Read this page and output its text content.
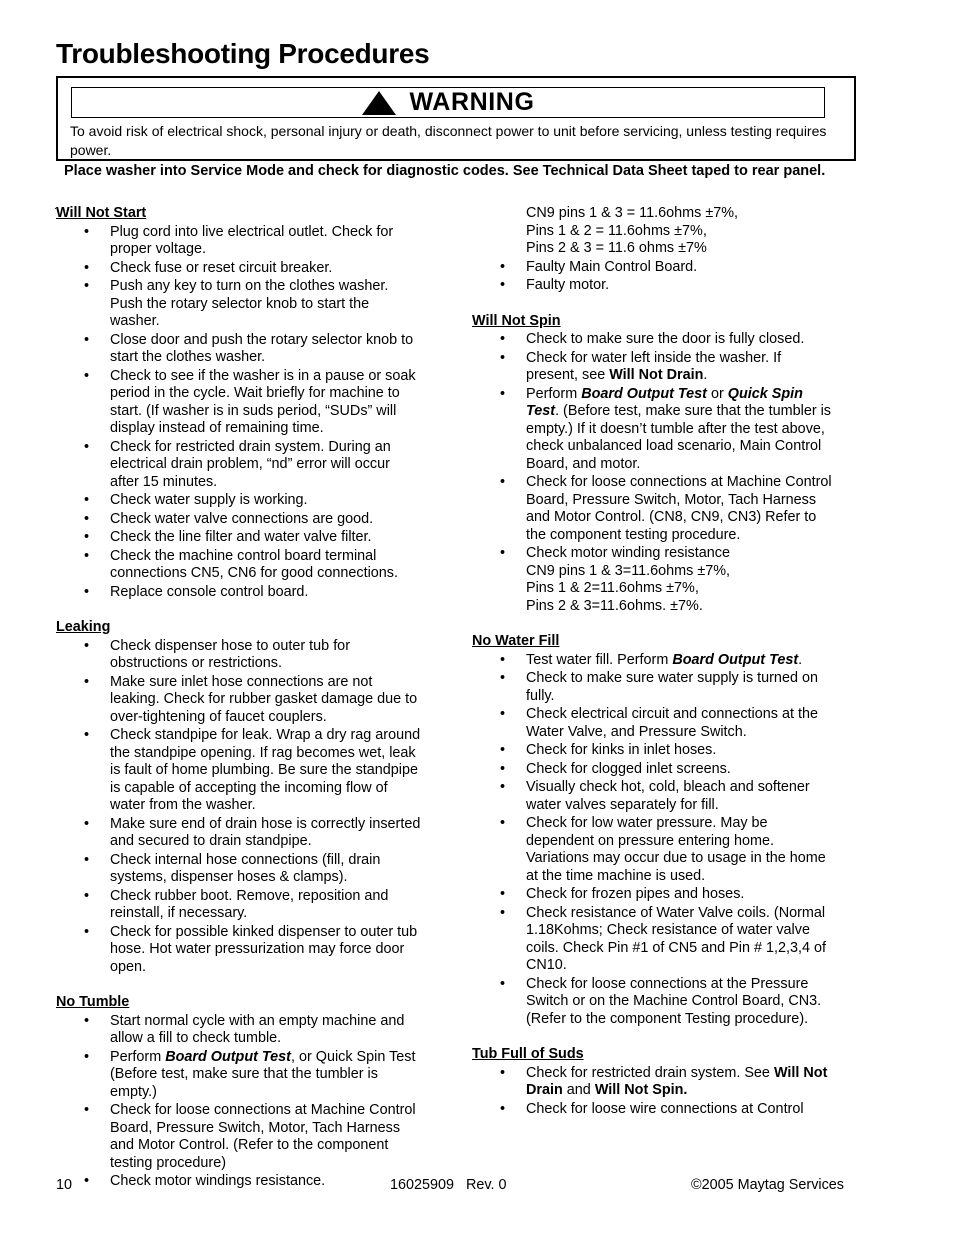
Troubleshooting Procedures
WARNING
To avoid risk of electrical shock, personal injury or death, disconnect power to unit before servicing, unless testing requires power.
Place washer into Service Mode and check for diagnostic codes. See Technical Data Sheet taped to rear panel.
. Will Not Start
• Plug cord into live electrical outlet. Check for proper voltage.
• Check fuse or reset circuit breaker.
• Push any key to turn on the clothes washer. Push the rotary selector knob to start the washer.
• Close door and push the rotary selector knob to start the clothes washer.
• Check to see if the washer is in a pause or soak period in the cycle. Wait briefly for machine to start. (If washer is in suds period, “SUDs” will display instead of remaining time.
• Check for restricted drain system. During an electrical drain problem, “nd” error will occur after 15 minutes.
• Check water supply is working.
• Check water valve connections are good.
• Check the line filter and water valve filter.
• Check the machine control board terminal connections CN5, CN6 for good connections.
• Replace console control board.
Leaking
• Check dispenser hose to outer tub for obstructions or restrictions.
• Make sure inlet hose connections are not leaking. Check for rubber gasket damage due to over-tightening of faucet couplers.
• Check standpipe for leak. Wrap a dry rag around the standpipe opening. If rag becomes wet, leak is fault of home plumbing. Be sure the standpipe is capable of accepting the incoming flow of water from the washer.
• Make sure end of drain hose is correctly inserted and secured to drain standpipe.
• Check internal hose connections (fill, drain systems, dispenser hoses & clamps).
• Check rubber boot. Remove, reposition and reinstall, if necessary.
• Check for possible kinked dispenser to outer tub hose. Hot water pressurization may force door open.
No Tumble
• Start normal cycle with an empty machine and allow a fill to check tumble.
• Perform Board Output Test, or Quick Spin Test (Before test, make sure that the tumbler is empty.)
• Check for loose connections at Machine Control Board, Pressure Switch, Motor, Tach Harness and Motor Control. (Refer to the component testing procedure)
• Check motor windings resistance.
CN9 pins 1 & 3 = 11.6ohms ±7%,
Pins 1 & 2 = 11.6ohms ±7%,
Pins 2 & 3 = 11.6 ohms ±7%
• Faulty Main Control Board.
• Faulty motor.
Will Not Spin
• Check to make sure the door is fully closed.
• Check for water left inside the washer. If present, see Will Not Drain.
• Perform Board Output Test or Quick Spin Test. (Before test, make sure that the tumbler is empty.) If it doesn’t tumble after the test above, check unbalanced load scenario, Main Control Board, and motor.
• Check for loose connections at Machine Control Board, Pressure Switch, Motor, Tach Harness and Motor Control. (CN8, CN9, CN3) Refer to the component testing procedure.
• Check motor winding resistance
CN9 pins 1 & 3=11.6ohms ±7%,
Pins 1 & 2=11.6ohms ±7%,
Pins 2 & 3=11.6ohms. ±7%.
No Water Fill
• Test water fill. Perform Board Output Test.
• Check to make sure water supply is turned on fully.
• Check electrical circuit and connections at the Water Valve, and Pressure Switch.
• Check for kinks in inlet hoses.
• Check for clogged inlet screens.
• Visually check hot, cold, bleach and softener water valves separately for fill.
• Check for low water pressure. May be dependent on pressure entering home. Variations may occur due to usage in the home at the time machine is used.
• Check for frozen pipes and hoses.
• Check resistance of Water Valve coils. (Normal 1.18Kohms; Check resistance of water valve coils. Check Pin #1 of CN5 and Pin # 1,2,3,4 of CN10.
• Check for loose connections at the Pressure Switch or on the Machine Control Board, CN3. (Refer to the component Testing procedure).
Tub Full of Suds
• Check for restricted drain system. See Will Not Drain and Will Not Spin.
• Check for loose wire connections at Control
10	16025909   Rev. 0	©2005 Maytag Services
